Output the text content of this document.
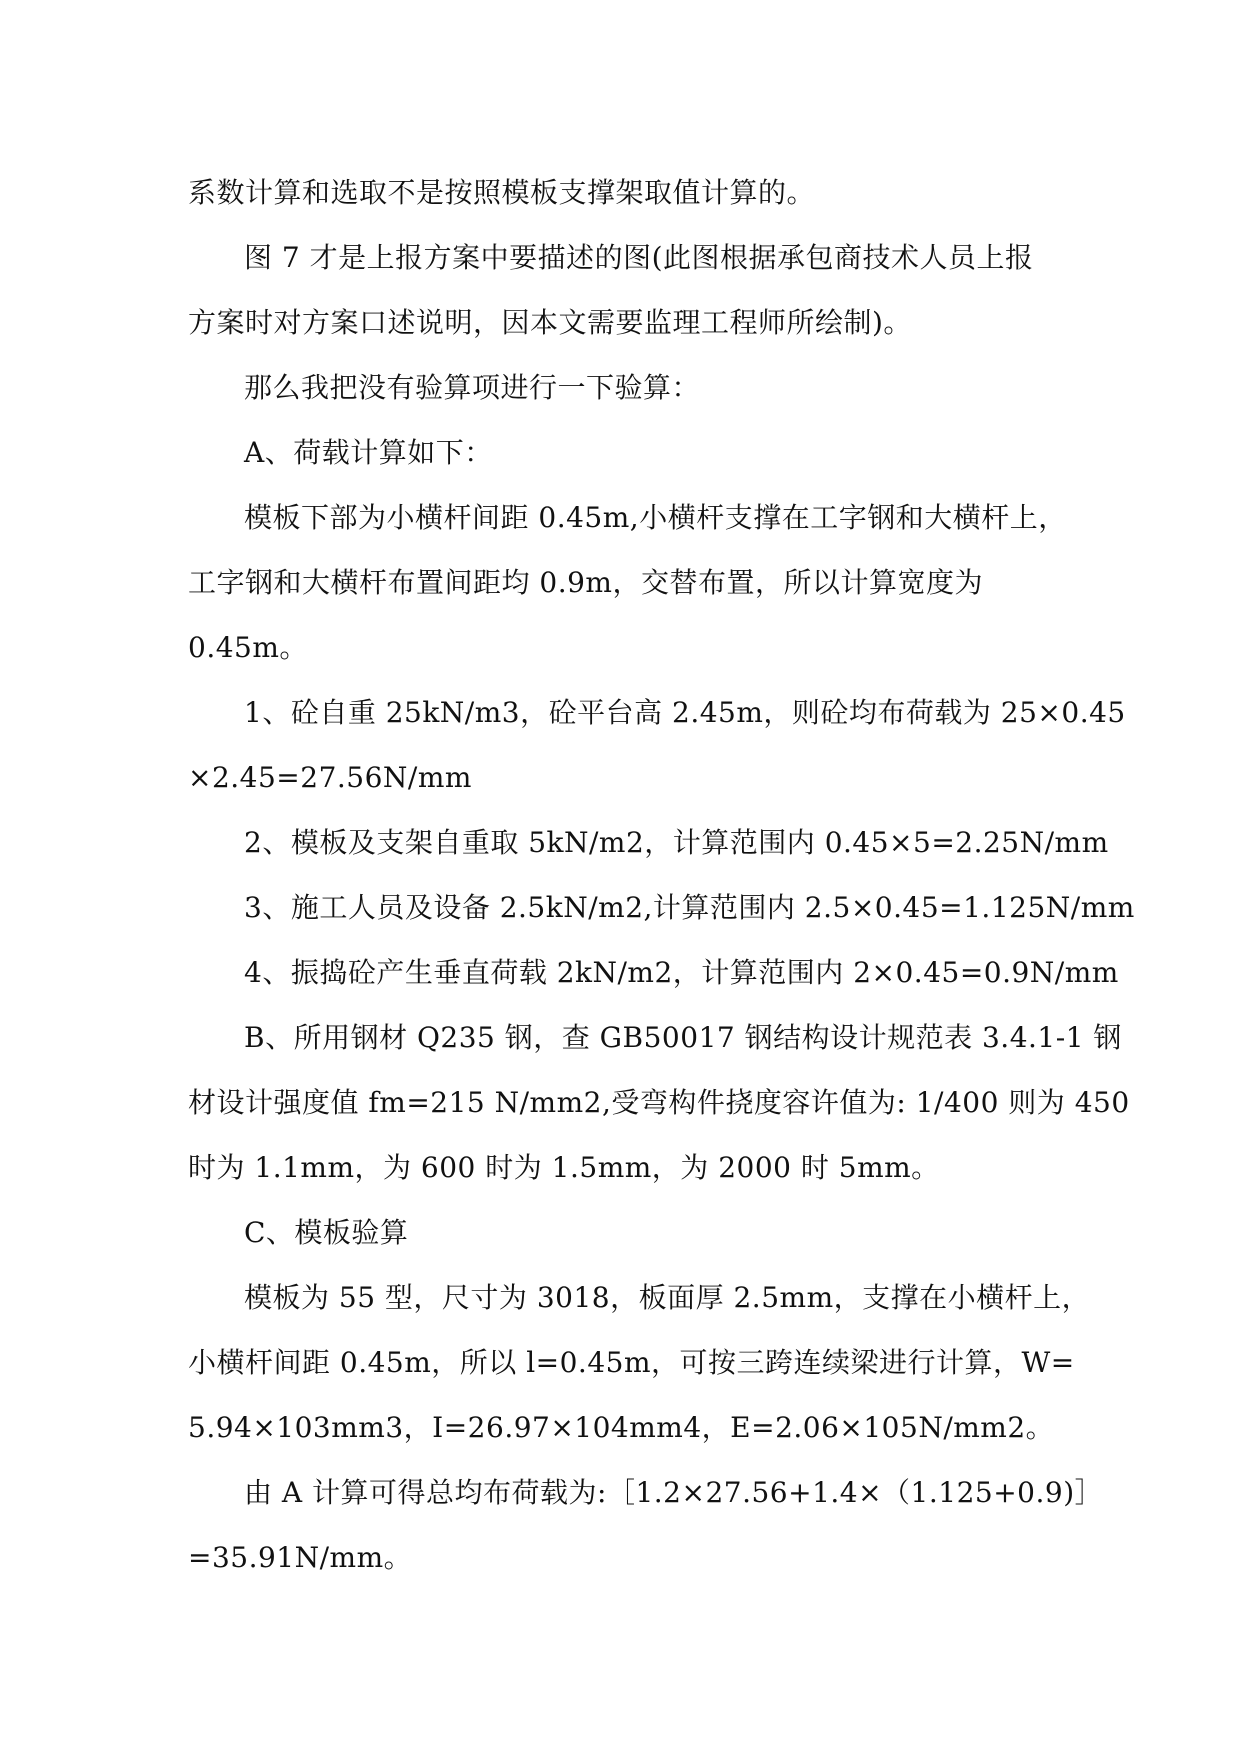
系数计算和选取不是按照模板支撑架取值计算的。

图 7 才是上报方案中要描述的图(此图根据承包商技术人员上报
方案时对方案口述说明，因本文需要监理工程师所绘制)。

那么我把没有验算项进行一下验算：

A、荷载计算如下：

模板下部为小横杆间距 0.45m,小横杆支撑在工字钢和大横杆上，
工字钢和大横杆布置间距均 0.9m，交替布置，所以计算宽度为
0.45m。

1、砼自重 25kN/m3，砼平台高 2.45m，则砼均布荷载为 25×0.45
×2.45=27.56N/mm

2、模板及支架自重取 5kN/m2，计算范围内 0.45×5=2.25N/mm

3、施工人员及设备 2.5kN/m2,计算范围内 2.5×0.45=1.125N/mm

4、振捣砼产生垂直荷载 2kN/m2，计算范围内 2×0.45=0.9N/mm

B、所用钢材 Q235 钢，查 GB50017 钢结构设计规范表 3.4.1-1 钢
材设计强度值 fm=215 N/mm2,受弯构件挠度容许值为: 1/400 则为 450
时为 1.1mm，为 600 时为 1.5mm，为 2000 时 5mm。

C、模板验算

模板为 55 型，尺寸为 3018，板面厚 2.5mm，支撑在小横杆上，
小横杆间距 0.45m，所以 l=0.45m，可按三跨连续梁进行计算，W=
5.94×103mm3，I=26.97×104mm4，E=2.06×105N/mm2。

由 A 计算可得总均布荷载为:［1.2×27.56+1.4×（1.125+0.9)］
=35.91N/mm。
